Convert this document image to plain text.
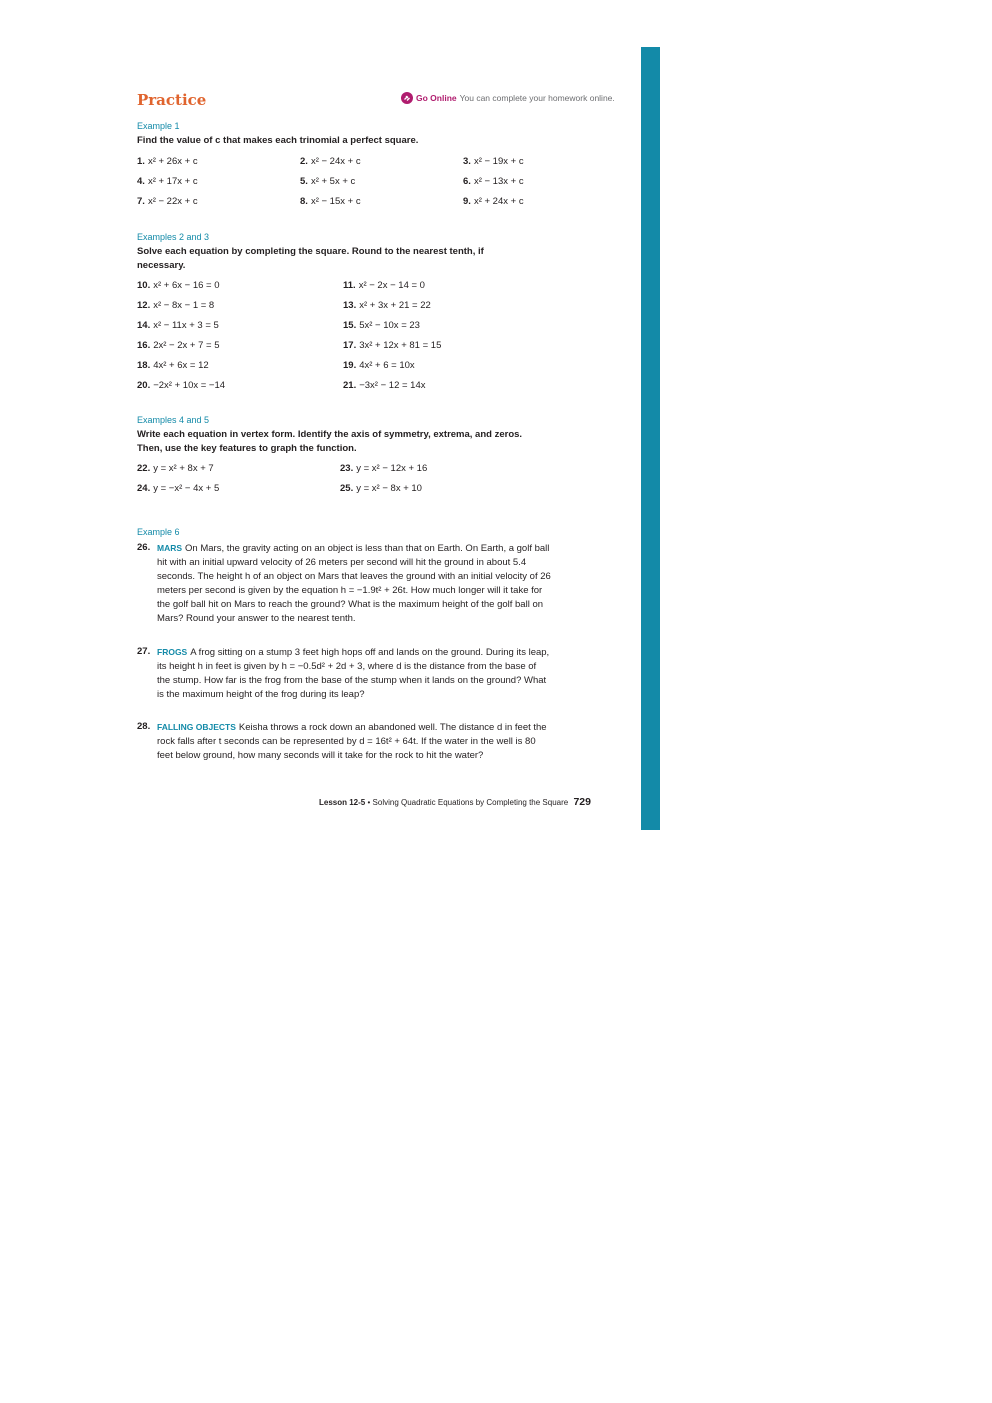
Practice	Go Online You can complete your homework online.
Example 1
Find the value of c that makes each trinomial a perfect square.
1. x² + 26x + c	2. x² − 24x + c	3. x² − 19x + c
4. x² + 17x + c	5. x² + 5x + c	6. x² − 13x + c
7. x² − 22x + c	8. x² − 15x + c	9. x² + 24x + c
Examples 2 and 3
Solve each equation by completing the square. Round to the nearest tenth, if necessary.
10. x² + 6x − 16 = 0	11. x² − 2x − 14 = 0
12. x² − 8x − 1 = 8	13. x² + 3x + 21 = 22
14. x² − 11x + 3 = 5	15. 5x² − 10x = 23
16. 2x² − 2x + 7 = 5	17. 3x² + 12x + 81 = 15
18. 4x² + 6x = 12	19. 4x² + 6 = 10x
20. −2x² + 10x = −14	21. −3x² − 12 = 14x
Examples 4 and 5
Write each equation in vertex form. Identify the axis of symmetry, extrema, and zeros. Then, use the key features to graph the function.
22. y = x² + 8x + 7	23. y = x² − 12x + 16
24. y = −x² − 4x + 5	25. y = x² − 8x + 10
Example 6
26. MARS On Mars, the gravity acting on an object is less than that on Earth. On Earth, a golf ball hit with an initial upward velocity of 26 meters per second will hit the ground in about 5.4 seconds. The height h of an object on Mars that leaves the ground with an initial velocity of 26 meters per second is given by the equation h = −1.9t² + 26t. How much longer will it take for the golf ball hit on Mars to reach the ground? What is the maximum height of the golf ball on Mars? Round your answer to the nearest tenth.
27. FROGS A frog sitting on a stump 3 feet high hops off and lands on the ground. During its leap, its height h in feet is given by h = −0.5d² + 2d + 3, where d is the distance from the base of the stump. How far is the frog from the base of the stump when it lands on the ground? What is the maximum height of the frog during its leap?
28. FALLING OBJECTS Keisha throws a rock down an abandoned well. The distance d in feet the rock falls after t seconds can be represented by d = 16t² + 64t. If the water in the well is 80 feet below ground, how many seconds will it take for the rock to hit the water?
Lesson 12-5 • Solving Quadratic Equations by Completing the Square 729
